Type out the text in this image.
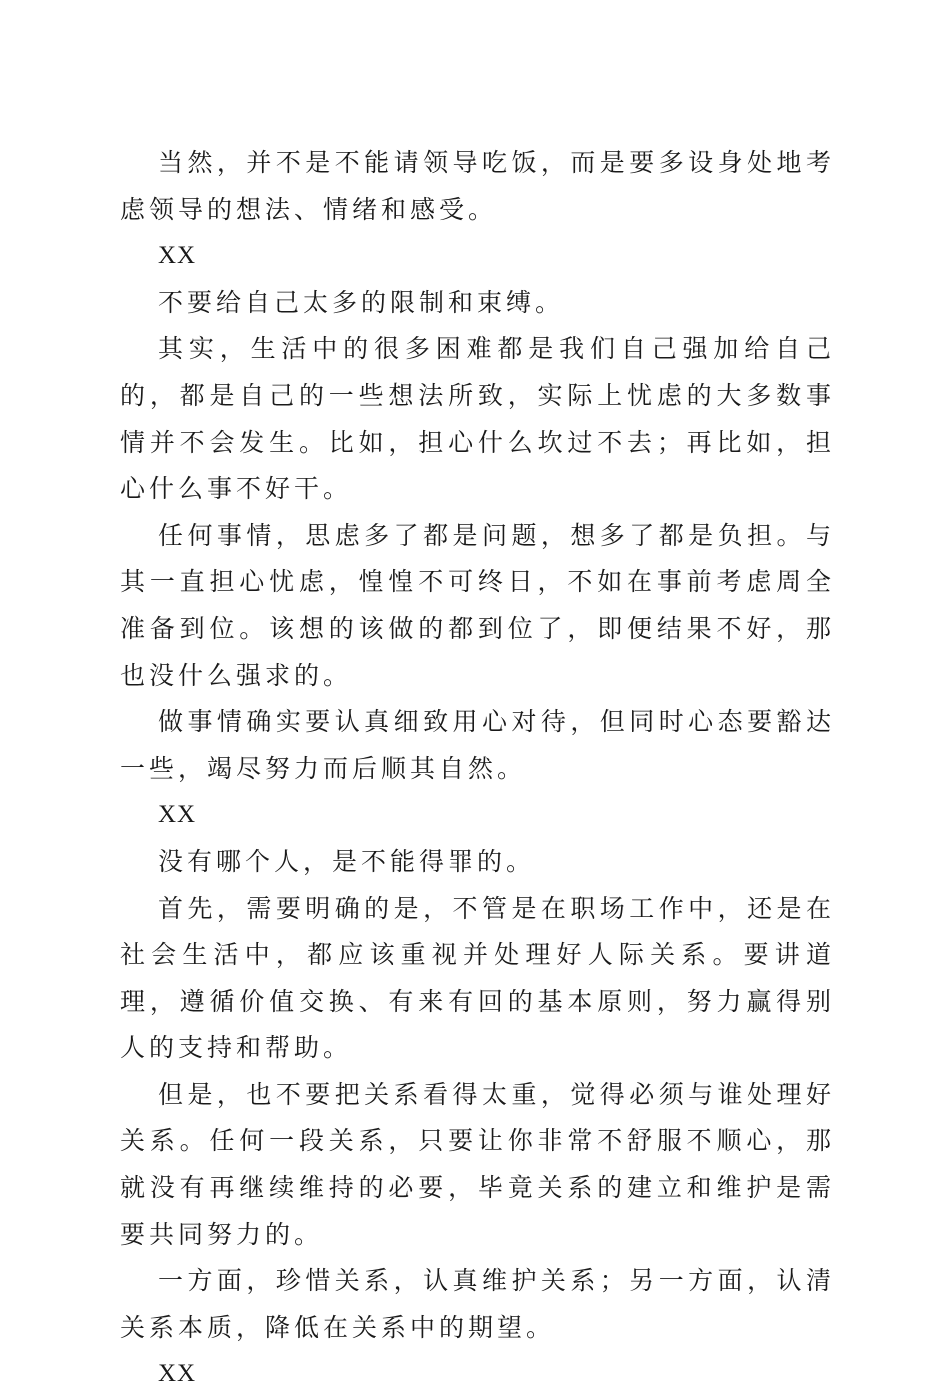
当然，并不是不能请领导吃饭，而是要多设身处地考虑领导的想法、情绪和感受。

XX

不要给自己太多的限制和束缚。

其实，生活中的很多困难都是我们自己强加给自己的，都是自己的一些想法所致，实际上忧虑的大多数事情并不会发生。比如，担心什么坎过不去；再比如，担心什么事不好干。

任何事情，思虑多了都是问题，想多了都是负担。与其一直担心忧虑，惶惶不可终日，不如在事前考虑周全准备到位。该想的该做的都到位了，即便结果不好，那也没什么强求的。

做事情确实要认真细致用心对待，但同时心态要豁达一些，竭尽努力而后顺其自然。

XX

没有哪个人，是不能得罪的。

首先，需要明确的是，不管是在职场工作中，还是在社会生活中，都应该重视并处理好人际关系。要讲道理，遵循价值交换、有来有回的基本原则，努力赢得别人的支持和帮助。

但是，也不要把关系看得太重，觉得必须与谁处理好关系。任何一段关系，只要让你非常不舒服不顺心，那就没有再继续维持的必要，毕竟关系的建立和维护是需要共同努力的。

一方面，珍惜关系，认真维护关系；另一方面，认清关系本质，降低在关系中的期望。

XX
